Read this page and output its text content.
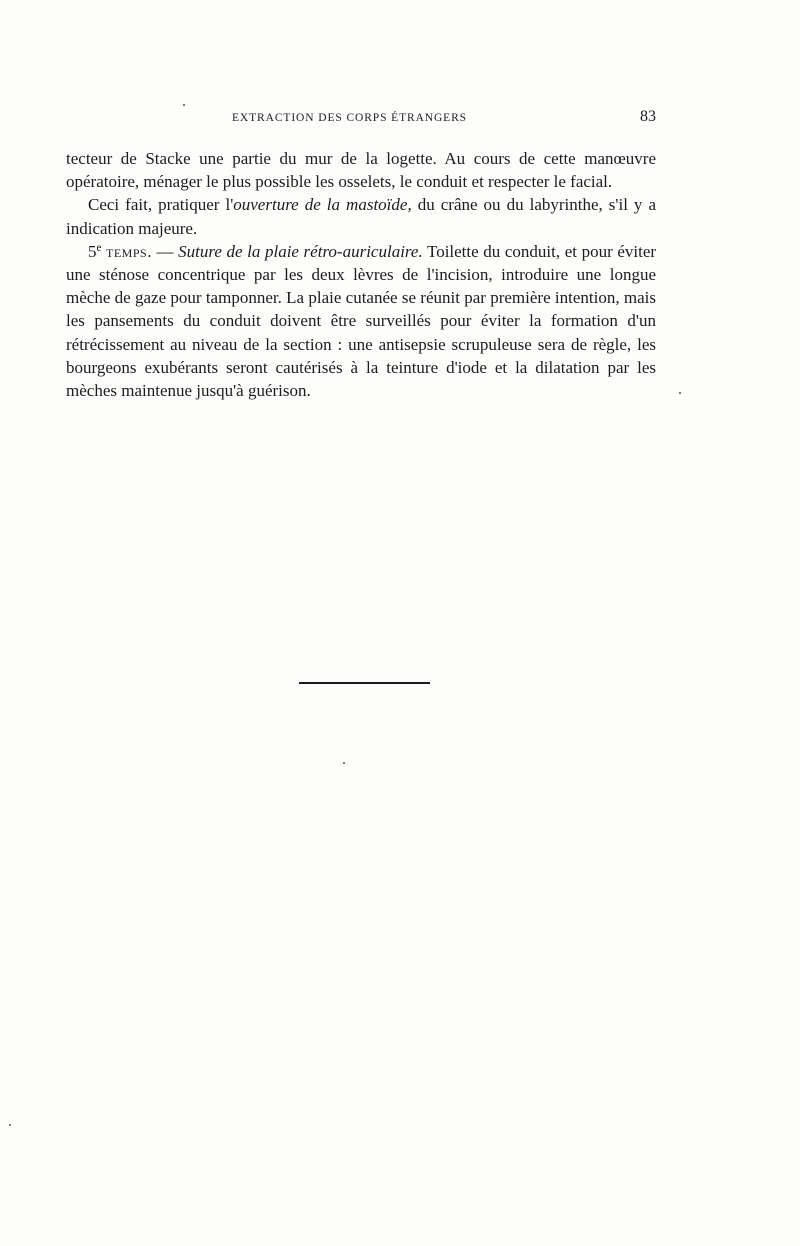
EXTRACTION DES CORPS ÉTRANGERS	83

tecteur de Stacke une partie du mur de la logette. Au cours de cette manœuvre opératoire, ménager le plus possible les osselets, le conduit et respecter le facial.

Ceci fait, pratiquer l'ouverture de la mastoïde, du crâne ou du labyrinthe, s'il y a indication majeure.

5e temps. — Suture de la plaie rétro-auriculaire. Toilette du conduit, et pour éviter une sténose concentrique par les deux lèvres de l'incision, introduire une longue mèche de gaze pour tamponner. La plaie cutanée se réunit par première intention, mais les pansements du conduit doivent être surveillés pour éviter la formation d'un rétrécissement au niveau de la section : une antisepsie scrupuleuse sera de règle, les bourgeons exubérants seront cautérisés à la teinture d'iode et la dilatation par les mèches maintenue jusqu'à guérison.
